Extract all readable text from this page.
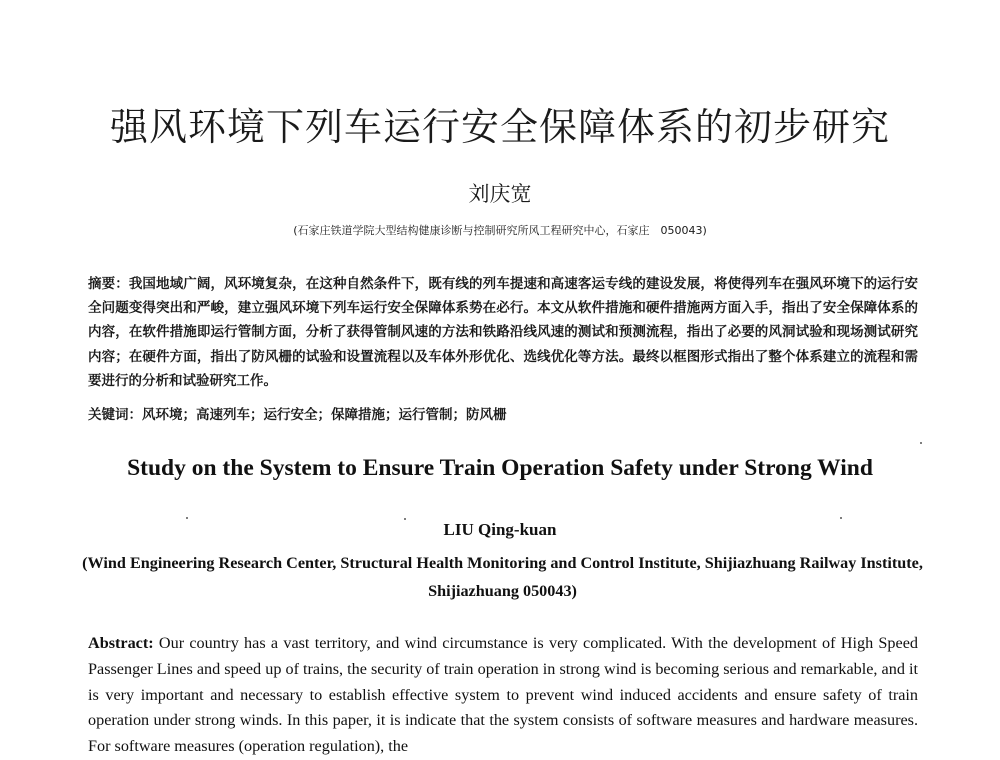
强风环境下列车运行安全保障体系的初步研究
刘庆宽
(石家庄铁道学院大型结构健康诊断与控制研究所风工程研究中心，石家庄　050043)
摘要：我国地域广阔，风环境复杂，在这种自然条件下，既有线的列车提速和高速客运专线的建设发展，将使得列车在强风环境下的运行安全问题变得突出和严峻，建立强风环境下列车运行安全保障体系势在必行。本文从软件措施和硬件措施两方面入手，指出了安全保障体系的内容，在软件措施即运行管制方面，分析了获得管制风速的方法和铁路沿线风速的测试和预测流程，指出了必要的风洞试验和现场测试研究内容；在硬件方面，指出了防风栅的试验和设置流程以及车体外形优化、选线优化等方法。最终以框图形式指出了整个体系建立的流程和需要进行的分析和试验研究工作。
关键词：风环境；高速列车；运行安全；保障措施；运行管制；防风栅
Study on the System to Ensure Train Operation Safety under Strong Wind
LIU Qing-kuan
(Wind Engineering Research Center, Structural Health Monitoring and Control Institute, Shijiazhuang Railway Institute, Shijiazhuang 050043)
Abstract: Our country has a vast territory, and wind circumstance is very complicated. With the development of High Speed Passenger Lines and speed up of trains, the security of train operation in strong wind is becoming serious and remarkable, and it is very important and necessary to establish effective system to prevent wind induced accidents and ensure safety of train operation under strong winds. In this paper, it is indicate that the system consists of software measures and hardware measures. For software measures (operation regulation), the
